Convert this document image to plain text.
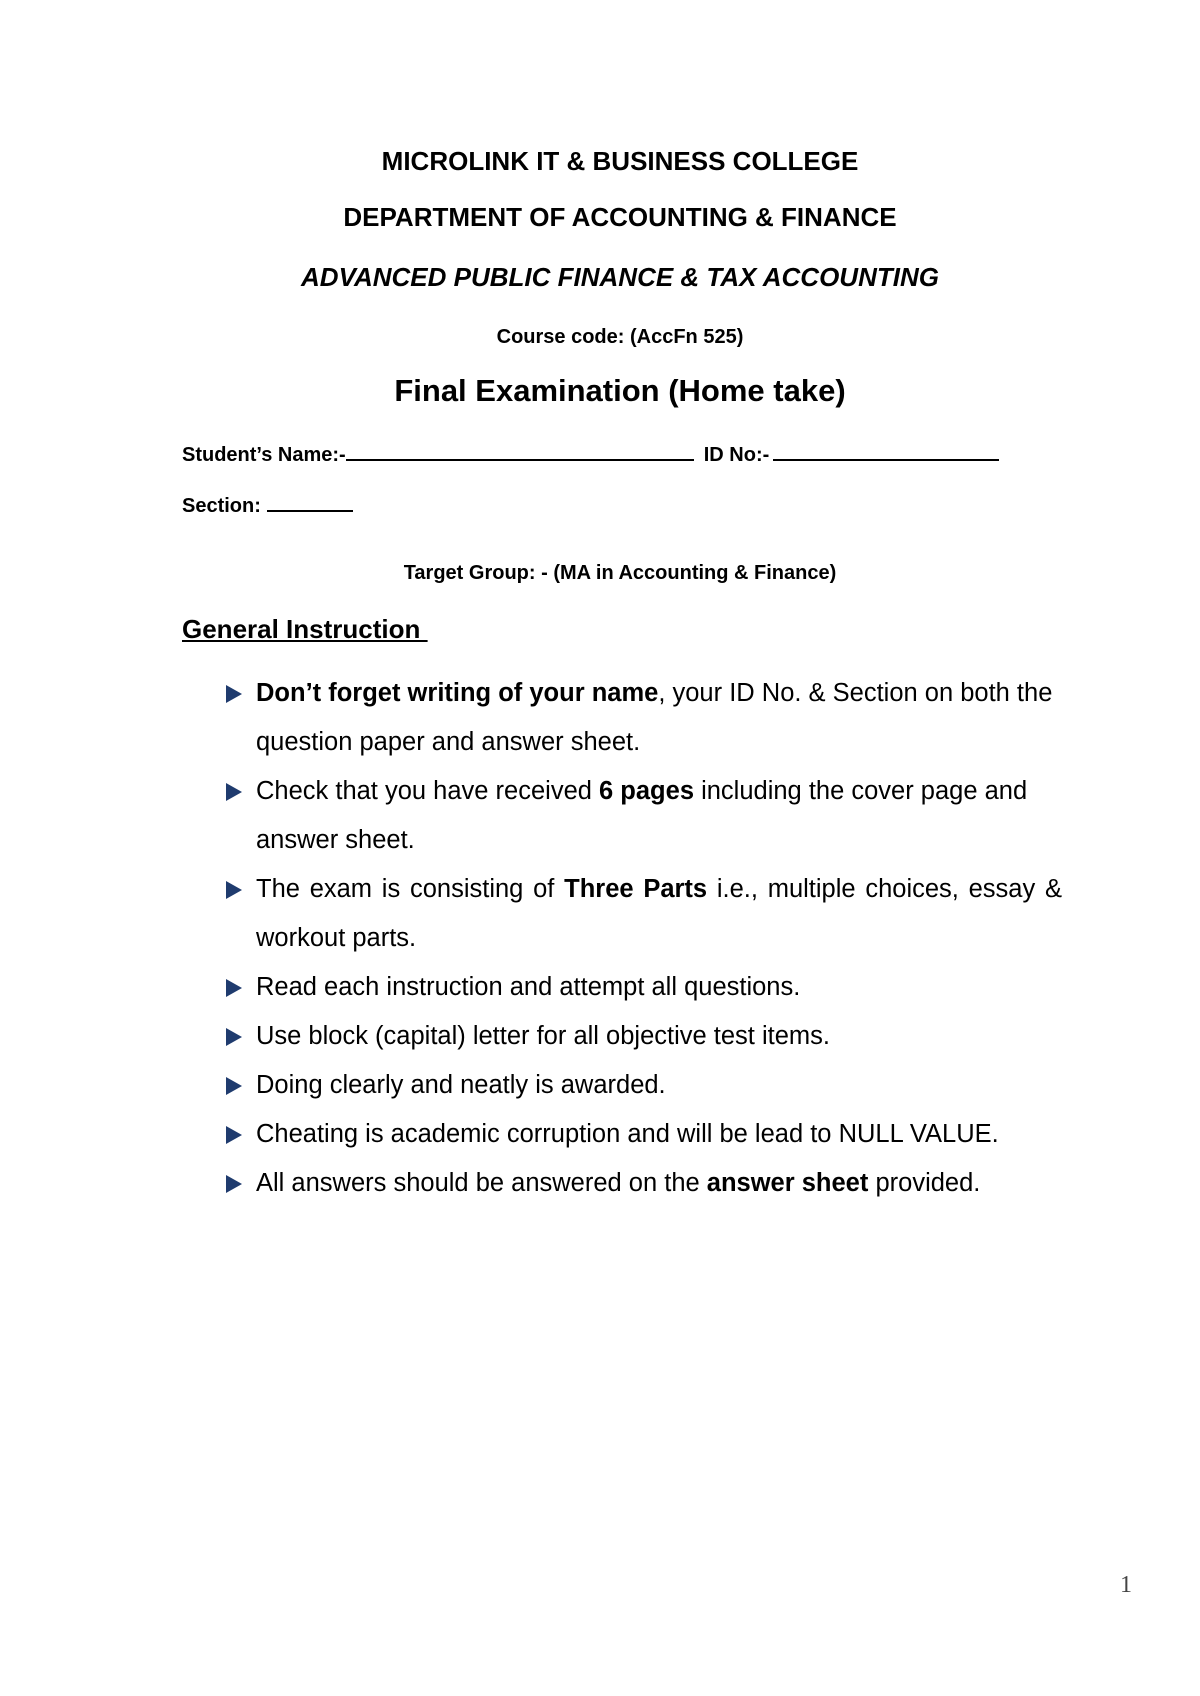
MICROLINK IT & BUSINESS COLLEGE
DEPARTMENT OF ACCOUNTING & FINANCE
ADVANCED PUBLIC FINANCE & TAX ACCOUNTING
Course code: (AccFn 525)
Final Examination (Home take)
Student’s Name:-	ID No:-
Section:
Target Group: - (MA in Accounting & Finance)
General Instruction
Don’t forget writing of your name, your ID No. & Section on both the question paper and answer sheet.
Check that you have received 6 pages including the cover page and answer sheet.
The exam is consisting of Three Parts i.e., multiple choices, essay & workout parts.
Read each instruction and attempt all questions.
Use block (capital) letter for all objective test items.
Doing clearly and neatly is awarded.
Cheating is academic corruption and will be lead to NULL VALUE.
All answers should be answered on the answer sheet provided.
1
